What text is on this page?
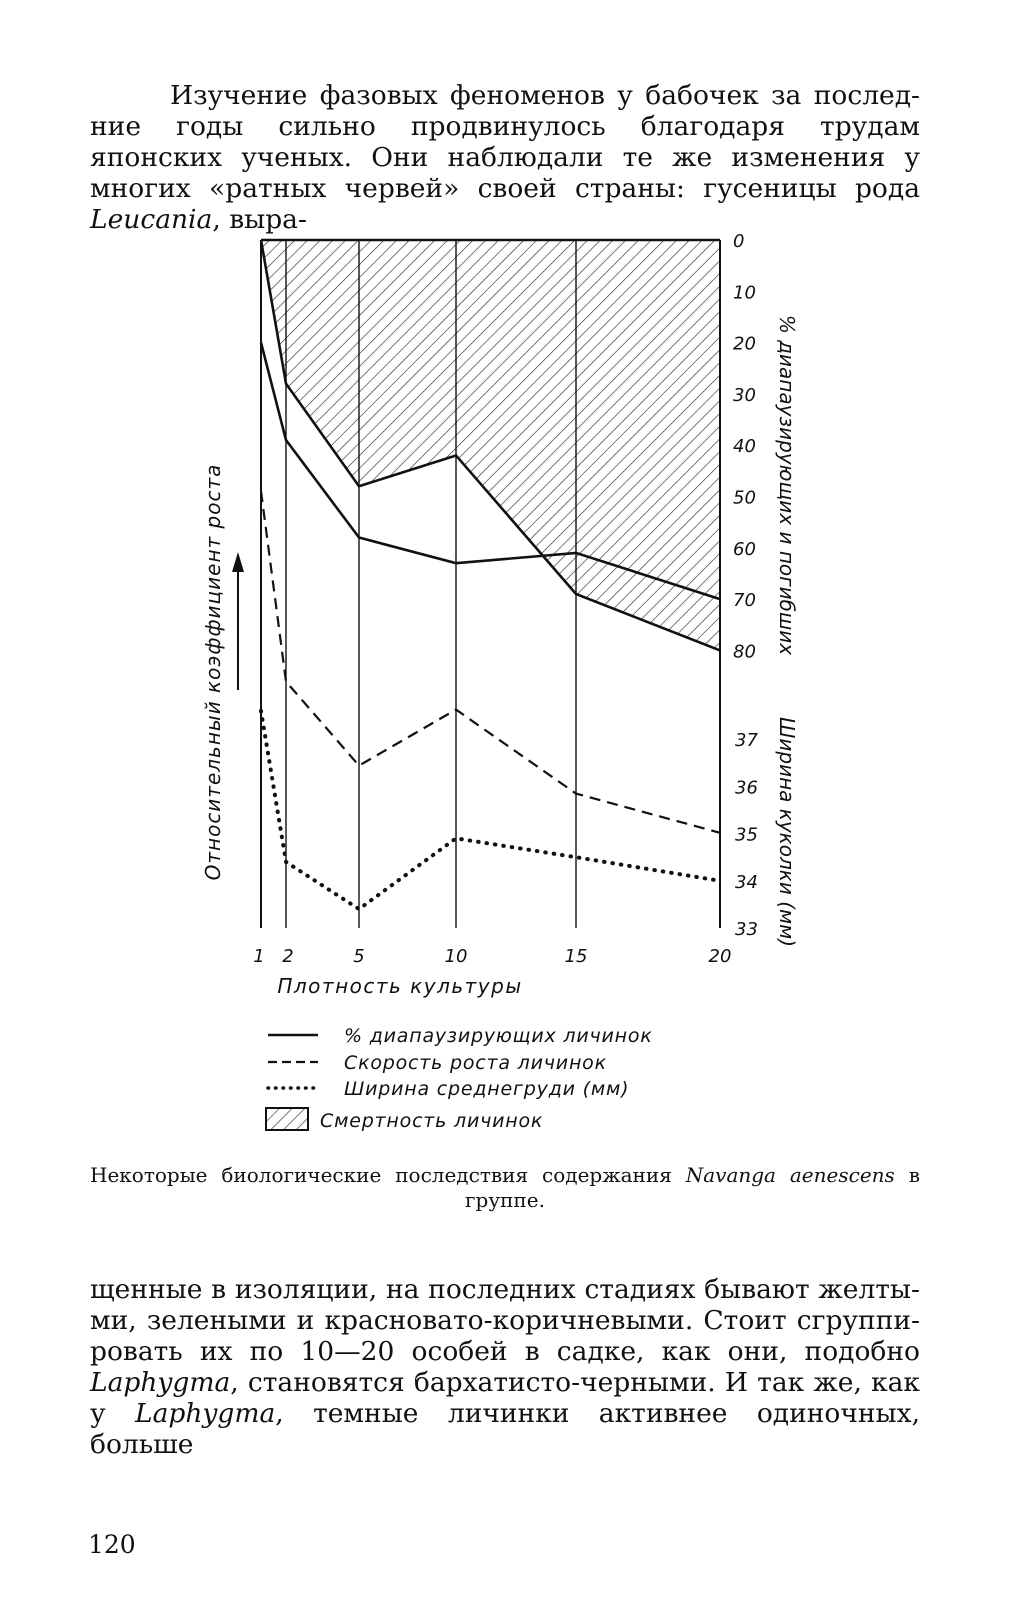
Изучение фазовых феноменов у бабочек за последние годы сильно продвинулось благодаря трудам японских ученых. Они наблюдали те же изменения у многих «ратных червей» своей страны: гусеницы рода Leucania, выра-

1 2	5	10	15	20
Плотность культуры
0
10
20
30
40
50
60
70
80
37
36
35
34
33
% диапаузирующих и погибших
Ширина куколки (мм)
Относительный коэффициент роста
% диапаузирующих личинок
Скорость роста личинок
Ширина среднегруди (мм)
Смертность личинок
Некоторые биологические последствия содержания Navanga aenescens в группе.

щенные в изоляции, на последних стадиях бывают желтыми, зелеными и красновато-коричневыми. Стоит сгруппировать их по 10—20 особей в садке, как они, подобно Laphygma, становятся бархатисто-черными. И так же, как у Laphygma, темные личинки активнее одиночных, больше

120
